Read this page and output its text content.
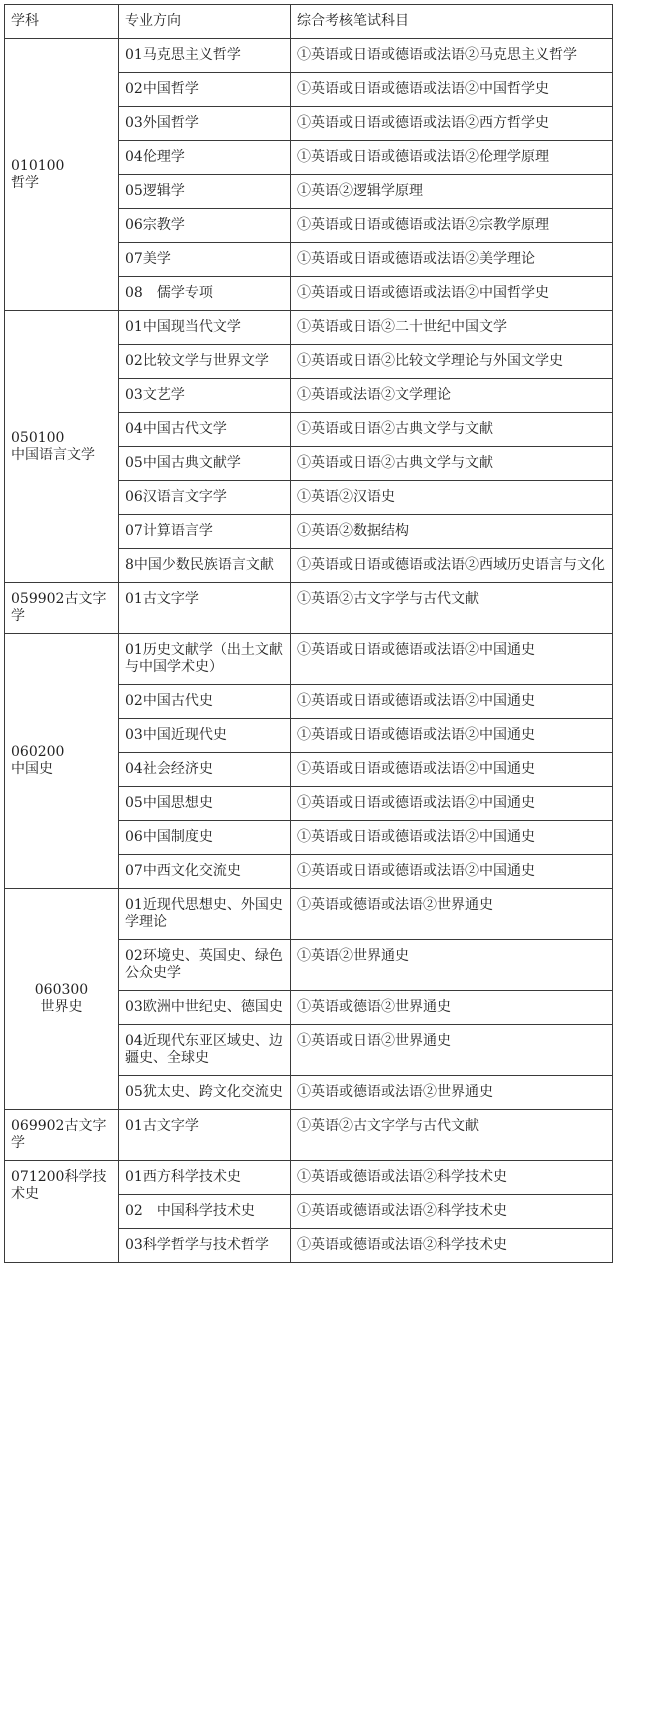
学科	专业方向	综合考核笔试科目

010100
哲学	01马克思主义哲学	①英语或日语或德语或法语②马克思主义哲学
	02中国哲学	①英语或日语或德语或法语②中国哲学史
	03外国哲学	①英语或日语或德语或法语②西方哲学史
	04伦理学	①英语或日语或德语或法语②伦理学原理
	05逻辑学	①英语②逻辑学原理
	06宗教学	①英语或日语或德语或法语②宗教学原理
	07美学	①英语或日语或德语或法语②美学理论
	08　儒学专项	①英语或日语或德语或法语②中国哲学史

050100
中国语言文学	01中国现当代文学	①英语或日语②二十世纪中国文学
	02比较文学与世界文学	①英语或日语②比较文学理论与外国文学史
	03文艺学	①英语或法语②文学理论
	04中国古代文学	①英语或日语②古典文学与文献
	05中国古典文献学	①英语或日语②古典文学与文献
	06汉语言文字学	①英语②汉语史
	07计算语言学	①英语②数据结构
	8中国少数民族语言文献	①英语或日语或德语或法语②西域历史语言与文化

059902古文字学	01古文字学	①英语②古文字学与古代文献

060200
中国史	01历史文献学（出土文献与中国学术史）	①英语或日语或德语或法语②中国通史
	02中国古代史	①英语或日语或德语或法语②中国通史
	03中国近现代史	①英语或日语或德语或法语②中国通史
	04社会经济史	①英语或日语或德语或法语②中国通史
	05中国思想史	①英语或日语或德语或法语②中国通史
	06中国制度史	①英语或日语或德语或法语②中国通史
	07中西文化交流史	①英语或日语或德语或法语②中国通史

060300
世界史	01近现代思想史、外国史学理论	①英语或德语或法语②世界通史
	02环境史、英国史、绿色公众史学	①英语②世界通史
	03欧洲中世纪史、德国史	①英语或德语②世界通史
	04近现代东亚区域史、边疆史、全球史	①英语或日语②世界通史
	05犹太史、跨文化交流史	①英语或德语或法语②世界通史

069902古文字学	01古文字学	①英语②古文字学与古代文献

071200科学技术史	01西方科学技术史	①英语或德语或法语②科学技术史
	02　中国科学技术史	①英语或德语或法语②科学技术史
	03科学哲学与技术哲学	①英语或德语或法语②科学技术史
